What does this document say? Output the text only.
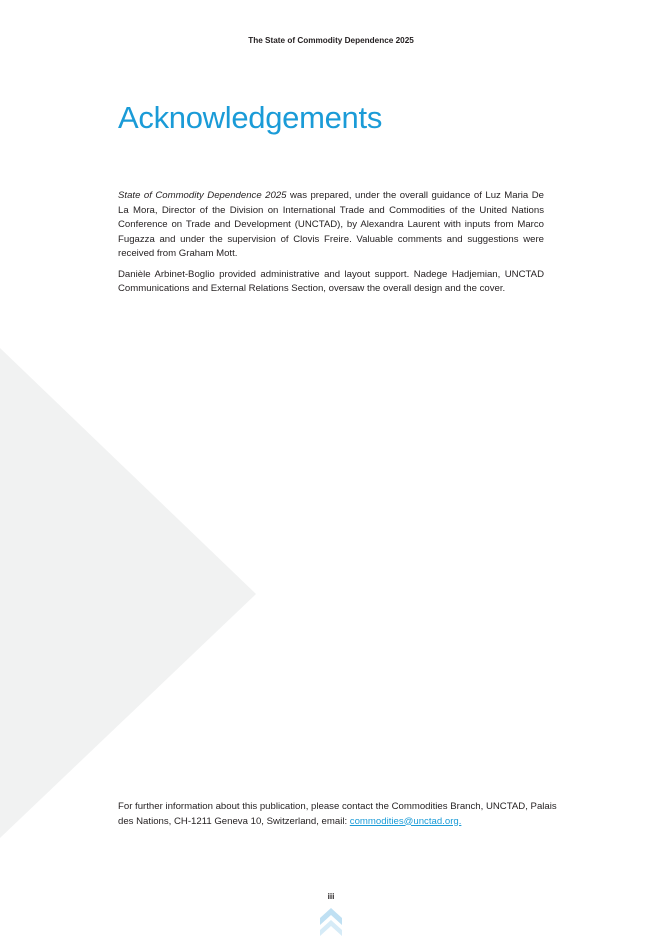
The State of Commodity Dependence 2025
Acknowledgements

State of Commodity Dependence 2025 was prepared, under the overall guidance of Luz Maria De La Mora, Director of the Division on International Trade and Commodities of the United Nations Conference on Trade and Development (UNCTAD), by Alexandra Laurent with inputs from Marco Fugazza and under the supervision of Clovis Freire. Valuable comments and suggestions were received from Graham Mott.

Danièle Arbinet-Boglio provided administrative and layout support. Nadege Hadjemian, UNCTAD Communications and External Relations Section, oversaw the overall design and the cover.

For further information about this publication, please contact the Commodities Branch, UNCTAD, Palais des Nations, CH-1211 Geneva 10, Switzerland, email: commodities@unctad.org.
iii
